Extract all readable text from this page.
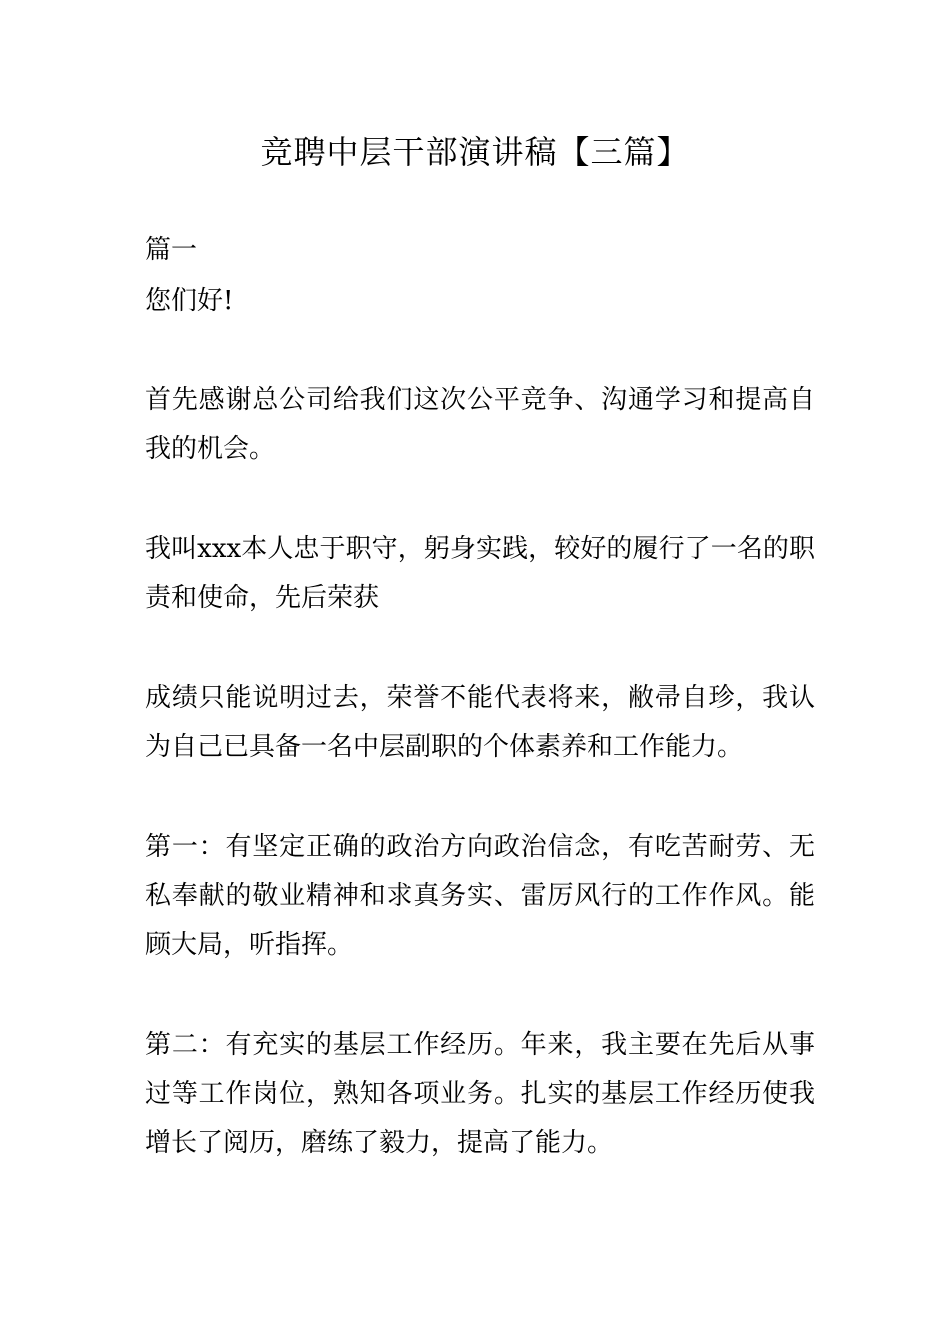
竞聘中层干部演讲稿【三篇】

篇一

您们好!

首先感谢总公司给我们这次公平竞争、沟通学习和提高自

我的机会。

我叫xxx本人忠于职守，躬身实践，较好的履行了一名的职

责和使命，先后荣获

成绩只能说明过去，荣誉不能代表将来，敝帚自珍，我认

为自己已具备一名中层副职的个体素养和工作能力。

第一：有坚定正确的政治方向政治信念，有吃苦耐劳、无

私奉献的敬业精神和求真务实、雷厉风行的工作作风。能

顾大局，听指挥。

第二：有充实的基层工作经历。年来，我主要在先后从事

过等工作岗位，熟知各项业务。扎实的基层工作经历使我

增长了阅历，磨练了毅力，提高了能力。
